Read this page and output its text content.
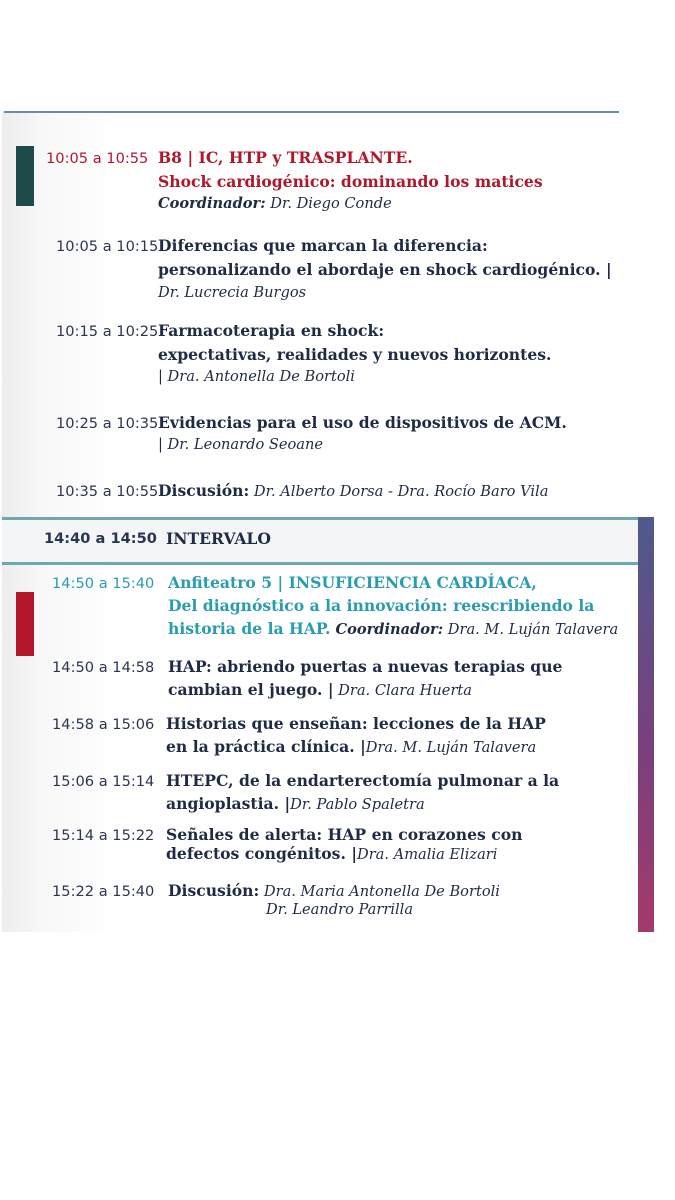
10:05 a 10:55 B8 | IC, HTP y TRASPLANTE.
Shock cardiogénico: dominando los matices
Coordinador: Dr. Diego Conde
10:05 a 10:15 Diferencias que marcan la diferencia:
personalizando el abordaje en shock cardiogénico. |
Dr. Lucrecia Burgos
10:15 a 10:25 Farmacoterapia en shock:
expectativas, realidades y nuevos horizontes.
| Dra. Antonella De Bortoli
10:25 a 10:35 Evidencias para el uso de dispositivos de ACM.
| Dr. Leonardo Seoane
10:35 a 10:55 Discusión: Dr. Alberto Dorsa - Dra. Rocío Baro Vila
14:40 a 14:50 INTERVALO
14:50 a 15:40 Anfiteatro 5 | INSUFICIENCIA CARDÍACA,
Del diagnóstico a la innovación: reescribiendo la
historia de la HAP. Coordinador: Dra. M. Luján Talavera
14:50 a 14:58 HAP: abriendo puertas a nuevas terapias que
cambian el juego. | Dra. Clara Huerta
14:58 a 15:06 Historias que enseñan: lecciones de la HAP
en la práctica clínica. |Dra. M. Luján Talavera
15:06 a 15:14 HTEPC, de la endarterectomía pulmonar a la
angioplastia. |Dr. Pablo Spaletra
15:14 a 15:22 Señales de alerta: HAP en corazones con
defectos congénitos. |Dra. Amalia Elizari
15:22 a 15:40 Discusión: Dra. Maria Antonella De Bortoli
Dr. Leandro Parrilla
